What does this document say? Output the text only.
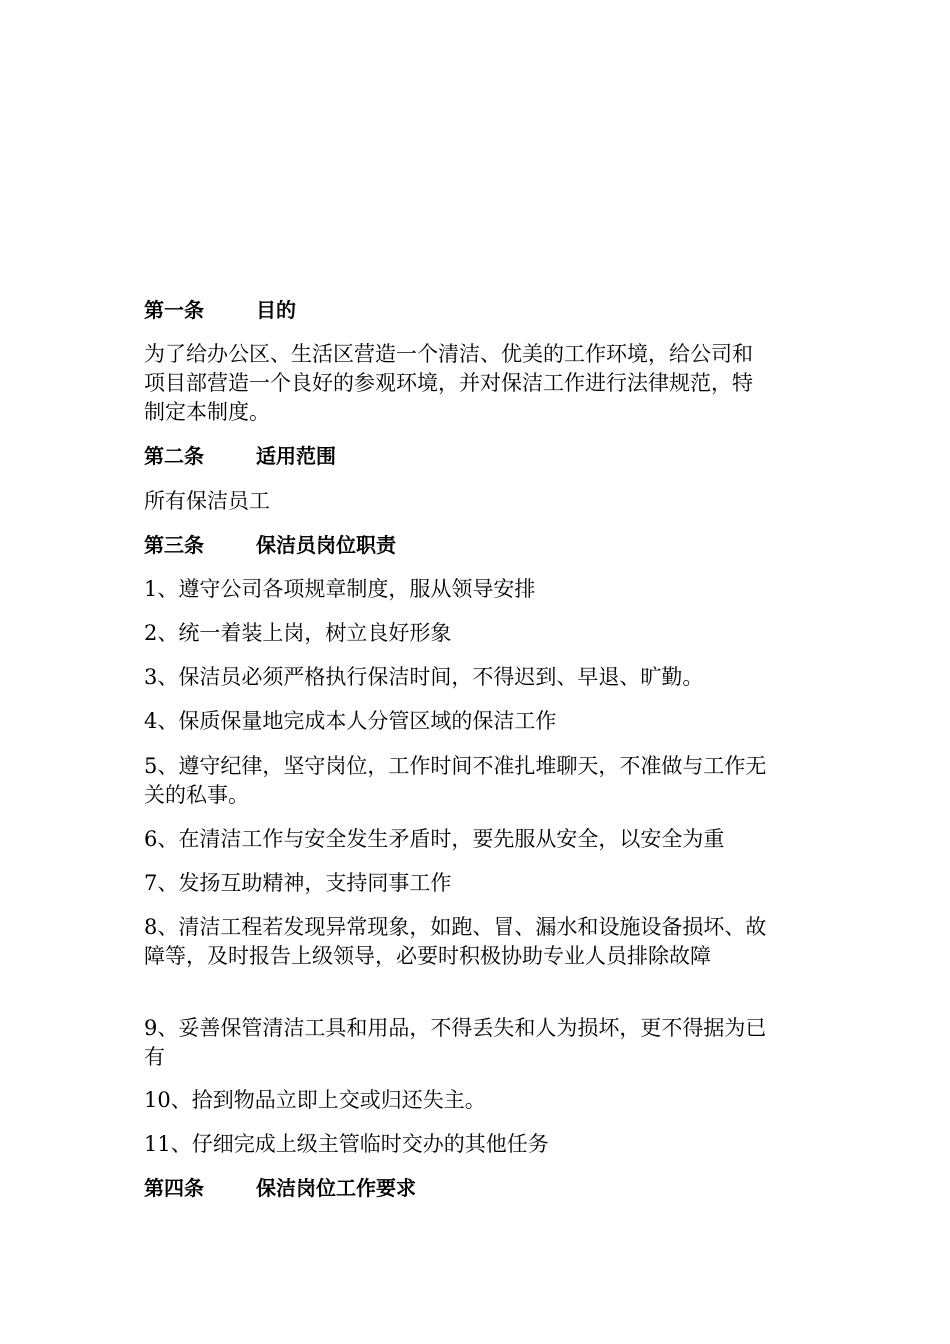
第一条	目的
为了给办公区、生活区营造一个清洁、优美的工作环境，给公司和
项目部营造一个良好的参观环境，并对保洁工作进行法律规范，特
制定本制度。
第二条	适用范围
所有保洁员工
第三条	保洁员岗位职责
1、遵守公司各项规章制度，服从领导安排
2、统一着装上岗，树立良好形象
3、保洁员必须严格执行保洁时间，不得迟到、早退、旷勤。
4、保质保量地完成本人分管区域的保洁工作
5、遵守纪律，坚守岗位，工作时间不准扎堆聊天，不准做与工作无
关的私事。
6、在清洁工作与安全发生矛盾时，要先服从安全，以安全为重
7、发扬互助精神，支持同事工作
8、清洁工程若发现异常现象，如跑、冒、漏水和设施设备损坏、故
障等，及时报告上级领导，必要时积极协助专业人员排除故障
9、妥善保管清洁工具和用品，不得丢失和人为损坏，更不得据为已
有
10、拾到物品立即上交或归还失主。
11、仔细完成上级主管临时交办的其他任务
第四条	保洁岗位工作要求
